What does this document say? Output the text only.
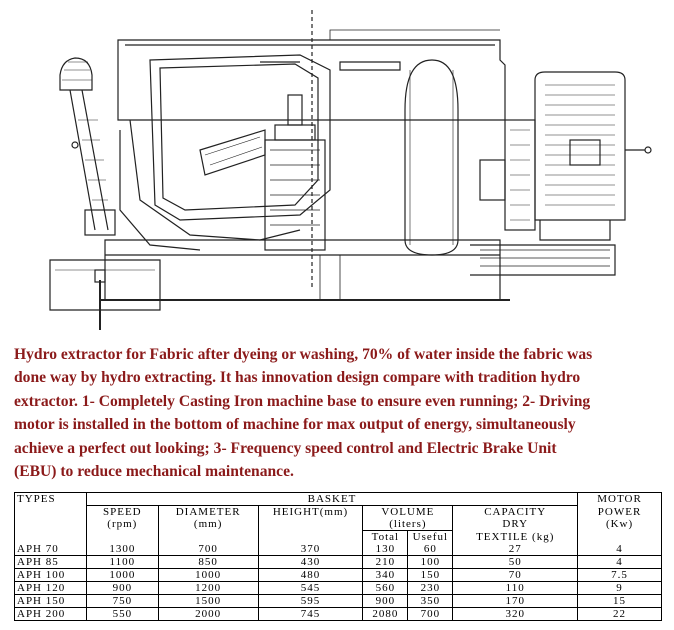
Hydro extractor for Fabric after dyeing or washing, 70% of water inside the fabric was
done way by hydro extracting. It has innovation design compare with tradition hydro
extractor. 1- Completely Casting Iron machine base to ensure even running; 2- Driving
motor is installed in the bottom of machine for max output of energy, simultaneously
achieve a perfect out looking; 3- Frequency speed control and Electric Brake Unit
(EBU) to reduce mechanical maintenance.
TYPES	BASKET						MOTOR
	SPEED	DIAMETER	HEIGHT(mm)	VOLUME		CAPACITY	POWER
	(rpm)	(mm)		(liters)		DRY	(Kw)
				Total	Useful	TEXTILE (kg)	
APH 70	1300	700	370	130	60	27	4
APH 85	1100	850	430	210	100	50	4
APH 100	1000	1000	480	340	150	70	7.5
APH 120	900	1200	545	560	230	110	9
APH 150	750	1500	595	900	350	170	15
APH 200	550	2000	745	2080	700	320	22
